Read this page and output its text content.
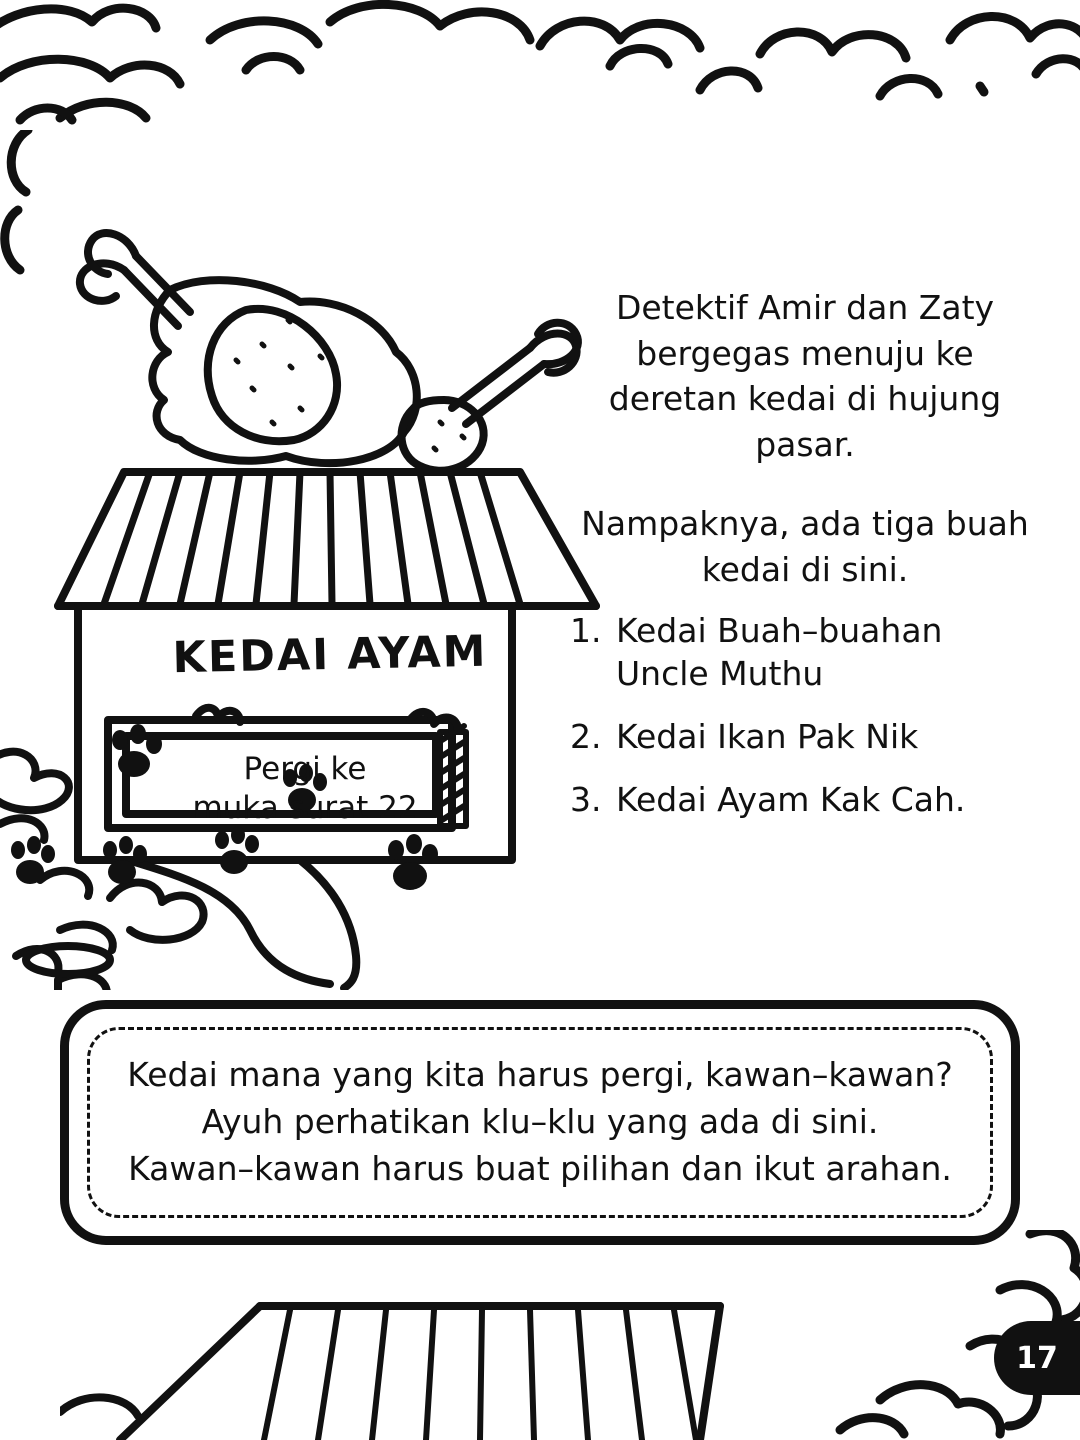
KEDAI AYAM
Pergi ke
muka surat 22
Detektif Amir dan Zaty bergegas menuju ke deretan kedai di hujung pasar.
Nampaknya, ada tiga buah kedai di sini.
1. Kedai Buah–buahan Uncle Muthu
2. Kedai Ikan Pak Nik
3. Kedai Ayam Kak Cah.
Kedai mana yang kita harus pergi, kawan–kawan?
Ayuh perhatikan klu–klu yang ada di sini.
Kawan–kawan harus buat pilihan dan ikut arahan.
17
